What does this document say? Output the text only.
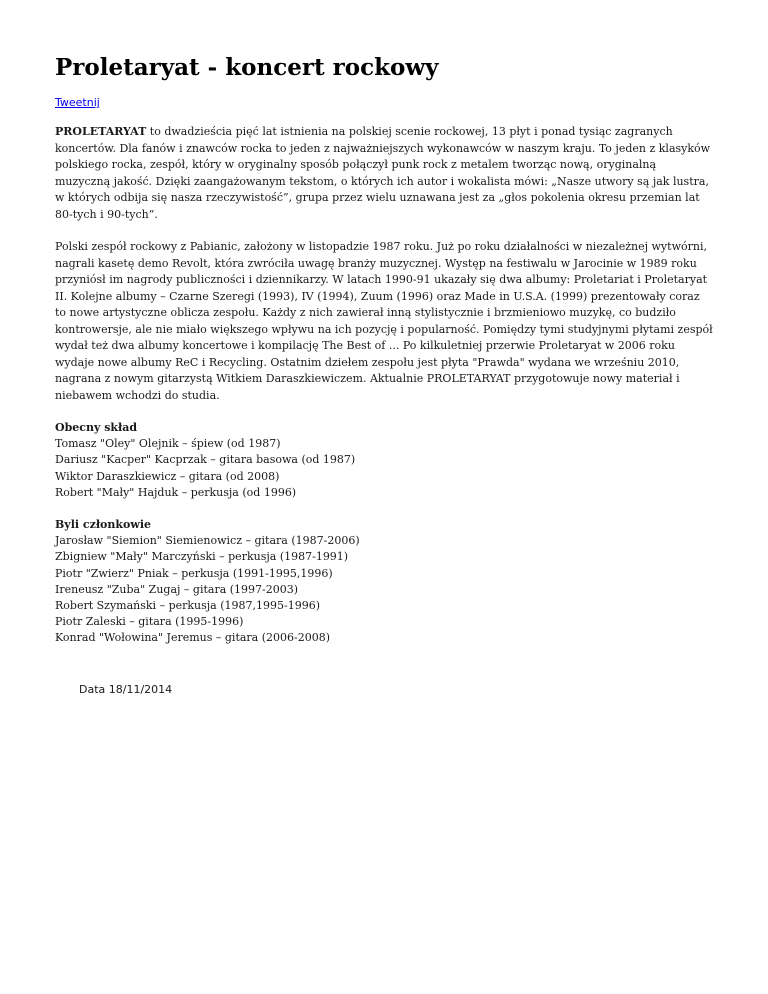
Proletaryat - koncert rockowy
Tweetnij

PROLETARYAT to dwadzieścia pięć lat istnienia na polskiej scenie rockowej, 13 płyt i ponad tysiąc zagranych koncertów. Dla fanów i znawców rocka to jeden z najważniejszych wykonawców w naszym kraju. To jeden z klasyków polskiego rocka, zespół, który w oryginalny sposób połączył punk rock z metalem tworząc nową, oryginalną muzyczną jakość. Dzięki zaangażowanym tekstom, o których ich autor i wokalista mówi: „Nasze utwory są jak lustra, w których odbija się nasza rzeczywistość”, grupa przez wielu uznawana jest za „głos pokolenia okresu przemian lat 80-tych i 90-tych”.

Polski zespół rockowy z Pabianic, założony w listopadzie 1987 roku. Już po roku działalności w niezależnej wytwórni, nagrali kasetę demo Revolt, która zwróciła uwagę branży muzycznej. Występ na festiwalu w Jarocinie w 1989 roku przyniósł im nagrody publiczności i dziennikarzy. W latach 1990-91 ukazały się dwa albumy: Proletariat i Proletaryat II. Kolejne albumy – Czarne Szeregi (1993), IV (1994), Zuum (1996) oraz Made in U.S.A. (1999) prezentowały coraz to nowe artystyczne oblicza zespołu. Każdy z nich zawierał inną stylistycznie i brzmieniowo muzykę, co budziło kontrowersje, ale nie miało większego wpływu na ich pozycję i popularność. Pomiędzy tymi studyjnymi płytami zespół wydał też dwa albumy koncertowe i kompilację The Best of ... Po kilkuletniej przerwie Proletaryat w 2006 roku wydaje nowe albumy ReC i Recycling. Ostatnim dziełem zespołu jest płyta "Prawda" wydana we wrześniu 2010, nagrana z nowym gitarzystą Witkiem Daraszkiewiczem. Aktualnie PROLETARYAT przygotowuje nowy materiał i niebawem wchodzi do studia.

Obecny skład
Tomasz "Oley" Olejnik – śpiew (od 1987)
Dariusz "Kacper" Kacprzak – gitara basowa (od 1987)
Wiktor Daraszkiewicz – gitara (od 2008)
Robert "Mały" Hajduk – perkusja (od 1996)
Byli członkowie
Jarosław "Siemion" Siemienowicz – gitara (1987-2006)
Zbigniew "Mały" Marczyński – perkusja (1987-1991)
Piotr "Zwierz" Pniak – perkusja (1991-1995,1996)
Ireneusz "Zuba" Zugaj – gitara (1997-2003)
Robert Szymański – perkusja (1987,1995-1996)
Piotr Zaleski – gitara (1995-1996)
Konrad "Wołowina" Jeremus – gitara (2006-2008)
Data 18/11/2014
